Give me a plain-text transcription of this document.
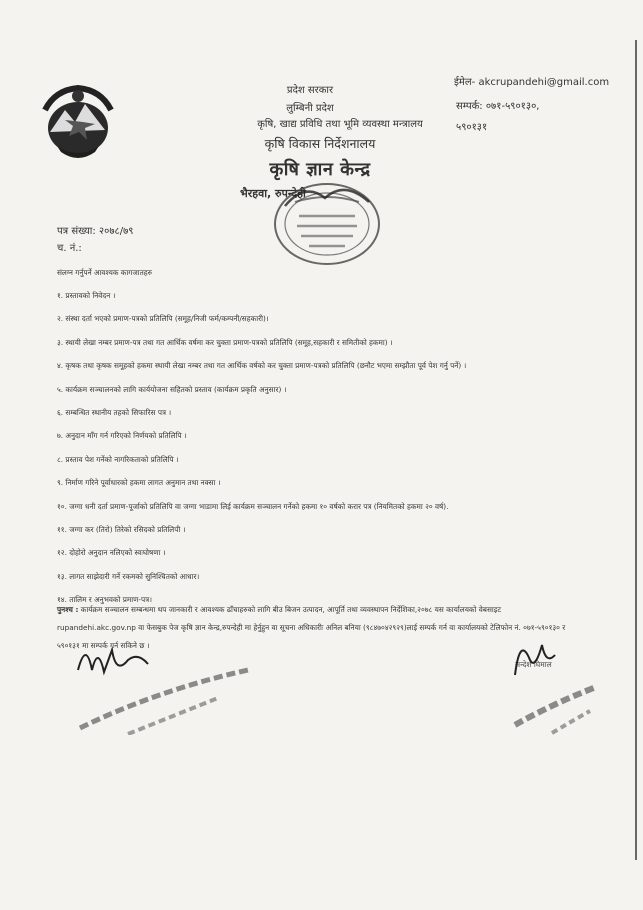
प्रदेश सरकार
लुम्बिनी प्रदेश
कृषि, खाद्य प्रविधि तथा भूमि व्यवस्था मन्त्रालय
कृषि विकास निर्देशनालय
कृषि ज्ञान केन्द्र
भैरहवा, रुपन्देही
ईमेल- akcrupandehi@gmail.com
सम्पर्क: ०७१-५९०१३०,
५९०१३१
पत्र संख्या: २०७८/७९
च. नं.:
संलग्न गर्नुपर्ने आवश्यक कागजातहरु
१. प्रस्तावको निवेदन ।
२. संस्था दर्ता भएको प्रमाण-पत्रको प्रतिलिपि (समूह/निजी फर्म/कम्पनी/सहकारी)।
३. स्थायी लेखा नम्बर प्रमाण-पत्र तथा गत आर्थिक वर्षमा कर चुक्ता प्रमाण-पत्रको प्रतिलिपि (समूह,सहकारी र समितीको हकमा) ।
४. कृषक तथा कृषक समूहको हकमा स्थायी लेखा नम्बर तथा गत आर्थिक वर्षको कर चुक्ता प्रमाण-पत्रको प्रतिलिपि (छनौट भएमा सम्झौता पूर्व पेश गर्नु पर्ने) ।
५. कार्यक्रम सञ्चालनको लागि कार्ययोजना सहितको प्रस्ताव (कार्यक्रम प्रकृति अनुसार) ।
६. सम्बन्धित स्थानीय तहको सिफारिस पत्र ।
७. अनुदान माँग गर्न गरिएको निर्णयको प्रतिलिपि ।
८. प्रस्ताव पेश गर्नेको नागरिकताको प्रतिलिपि ।
९. निर्माण गरिने पूर्वाधारको हकमा लागत अनुमान तथा नक्सा ।
१०. जग्गा धनी दर्ता प्रमाण-पूर्जाको प्रतिलिपि वा जग्गा भाडामा लिई कार्यक्रम सञ्चालन गर्नेको हकमा १० वर्षको करार पत्र (नियमितको हकमा २० वर्ष).
११. जग्गा कर (तिरो) तिरेको रसिदको प्रतिलिपी ।
१२. दोहोरो अनुदान नलिएको स्वःघोषणा ।
१३. लागत साझेदारी गर्ने रकमको सुनिश्चितको आधार।
१४. तालिम र अनुभवको प्रमाण-पत्र।
पुनश्च : कार्यक्रम सञ्चालन सम्बन्धमा थप जानकारी र आवश्यक ढाँचाहरुको लागि बीउ बिजन उत्पादन, आपूर्ति तथा व्यवस्थापन निर्देशिका,२०७८ यस कार्यालयको वेबसाइट rupandehi.akc.gov.np वा फेसबुक पेज कृषि ज्ञान केन्द्र,रुपन्देही मा हेर्नुहुन वा सूचना अधिकारीः अनिल बनिया (९८४७०४२९२९)लाई सम्पर्क गर्न वा कार्यालयको टेलिफोन नं. ०७१-५९०१३० र ५९०१३१ मा सम्पर्क गर्न सकिने छ ।
सन्देश घिमाल
